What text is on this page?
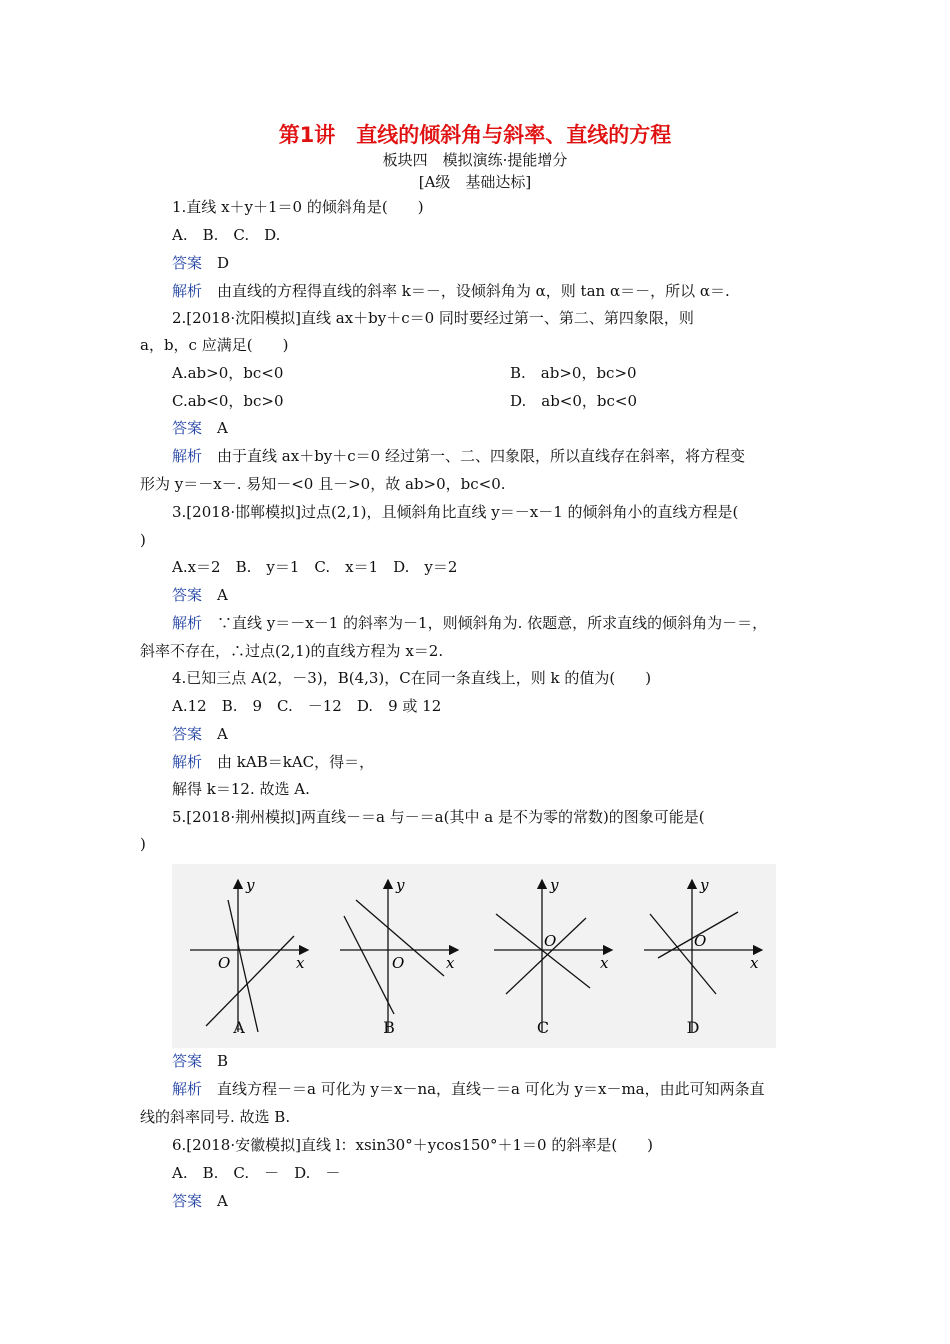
第1讲　直线的倾斜角与斜率、直线的方程
板块四　模拟演练·提能增分
[A级　基础达标]
1.直线 x＋y＋1＝0 的倾斜角是(　　)
A.　B.　C.　D.
答案　 D
解析　 由直线的方程得直线的斜率 k＝－，设倾斜角为 α，则 tan α＝－，所以 α＝.
2.[2018·沈阳模拟]直线 ax＋by＋c＝0 同时要经过第一、第二、第四象限，则
a，b，c 应满足(　　)
A.ab>0，bc<0	B.　ab>0，bc>0
C.ab<0，bc>0	D.　ab<0，bc<0
答案　 A
解析　 由于直线 ax＋by＋c＝0 经过第一、二、四象限，所以直线存在斜率，将方程变
形为 y＝－x－. 易知－<0 且－>0，故 ab>0，bc<0.
3.[2018·邯郸模拟]过点(2,1)，且倾斜角比直线 y＝－x－1 的倾斜角小的直线方程是(
)
A.x＝2　B.　y＝1　C.　x＝1　D.　y＝2
答案　 A
解析　 ∵直线 y＝－x－1 的斜率为－1，则倾斜角为. 依题意，所求直线的倾斜角为－＝，
斜率不存在，∴过点(2,1)的直线方程为 x＝2.
4.已知三点 A(2，－3)，B(4,3)，C在同一条直线上，则 k 的值为(　　)
A.12　B.　9　C.　－12　D.　9 或 12
答案　 A
解析　 由 kAB＝kAC，得＝，
解得 k＝12. 故选 A.
5.[2018·荆州模拟]两直线－＝a 与－＝a(其中 a 是不为零的常数)的图象可能是(
)
y
x
O
y
x
O
y
x
O
y
x
O
A	B	C	D
答案　 B
解析　 直线方程－＝a 可化为 y＝x－na，直线－＝a 可化为 y＝x－ma，由此可知两条直
线的斜率同号. 故选 B.
6.[2018·安徽模拟]直线 l：xsin30°＋ycos150°＋1＝0 的斜率是(　　)
A.　B.　C.　－　D.　－
答案　 A
